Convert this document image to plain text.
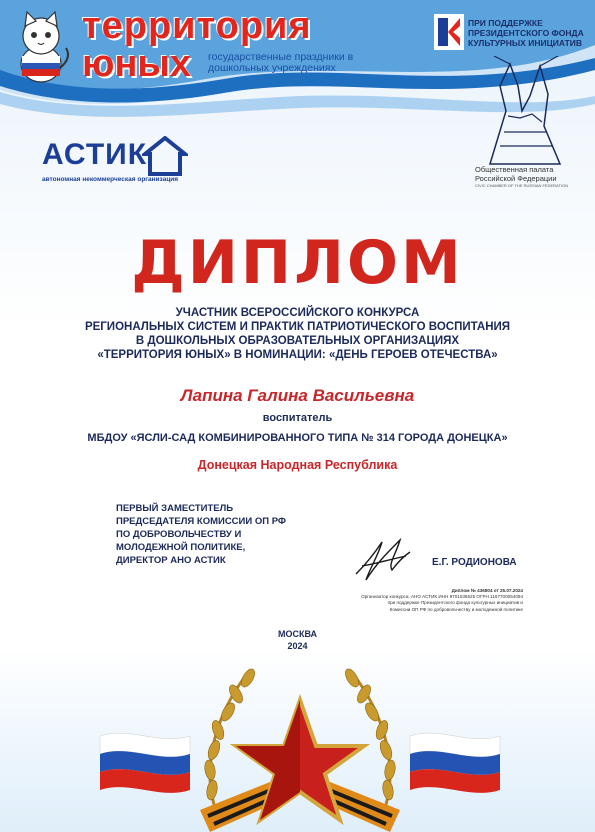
территория
юных государственные праздники в дошкольных учреждениях
ПРИ ПОДДЕРЖКЕ ПРЕЗИДЕНТСКОГО ФОНДА КУЛЬТУРНЫХ ИНИЦИАТИВ
Общественная палата Российской Федерации
CIVIC CHAMBER OF THE RUSSIAN FEDERATION
АСТИК
автономная некоммерческая организация
ДИПЛОМ
УЧАСТНИК ВСЕРОССИЙСКОГО КОНКУРСА
РЕГИОНАЛЬНЫХ СИСТЕМ И ПРАКТИК ПАТРИОТИЧЕСКОГО ВОСПИТАНИЯ
В ДОШКОЛЬНЫХ ОБРАЗОВАТЕЛЬНЫХ ОРГАНИЗАЦИЯХ
«ТЕРРИТОРИЯ ЮНЫХ» В НОМИНАЦИИ: «ДЕНЬ ГЕРОЕВ ОТЕЧЕСТВА»
Лапина Галина Васильевна
воспитатель
МБДОУ «ЯСЛИ-САД КОМБИНИРОВАННОГО ТИПА № 314 ГОРОДА ДОНЕЦКА»
Донецкая Народная Республика
ПЕРВЫЙ ЗАМЕСТИТЕЛЬ
ПРЕДСЕДАТЕЛЯ КОМИССИИ ОП РФ
ПО ДОБРОВОЛЬЧЕСТВУ И
МОЛОДЕЖНОЙ ПОЛИТИКЕ,
ДИРЕКТОР АНО АСТИК	Е.Г. РОДИОНОВА
Диплом № 436804 от 25.07.2024
Организатор конкурса: АНО АСТИК ИНН 9701036525 ОГРН 1167700054094
при поддержке Президентского фонда культурных инициатив и
Комиссии ОП РФ по добровольчеству и молодежной политике
МОСКВА
2024
